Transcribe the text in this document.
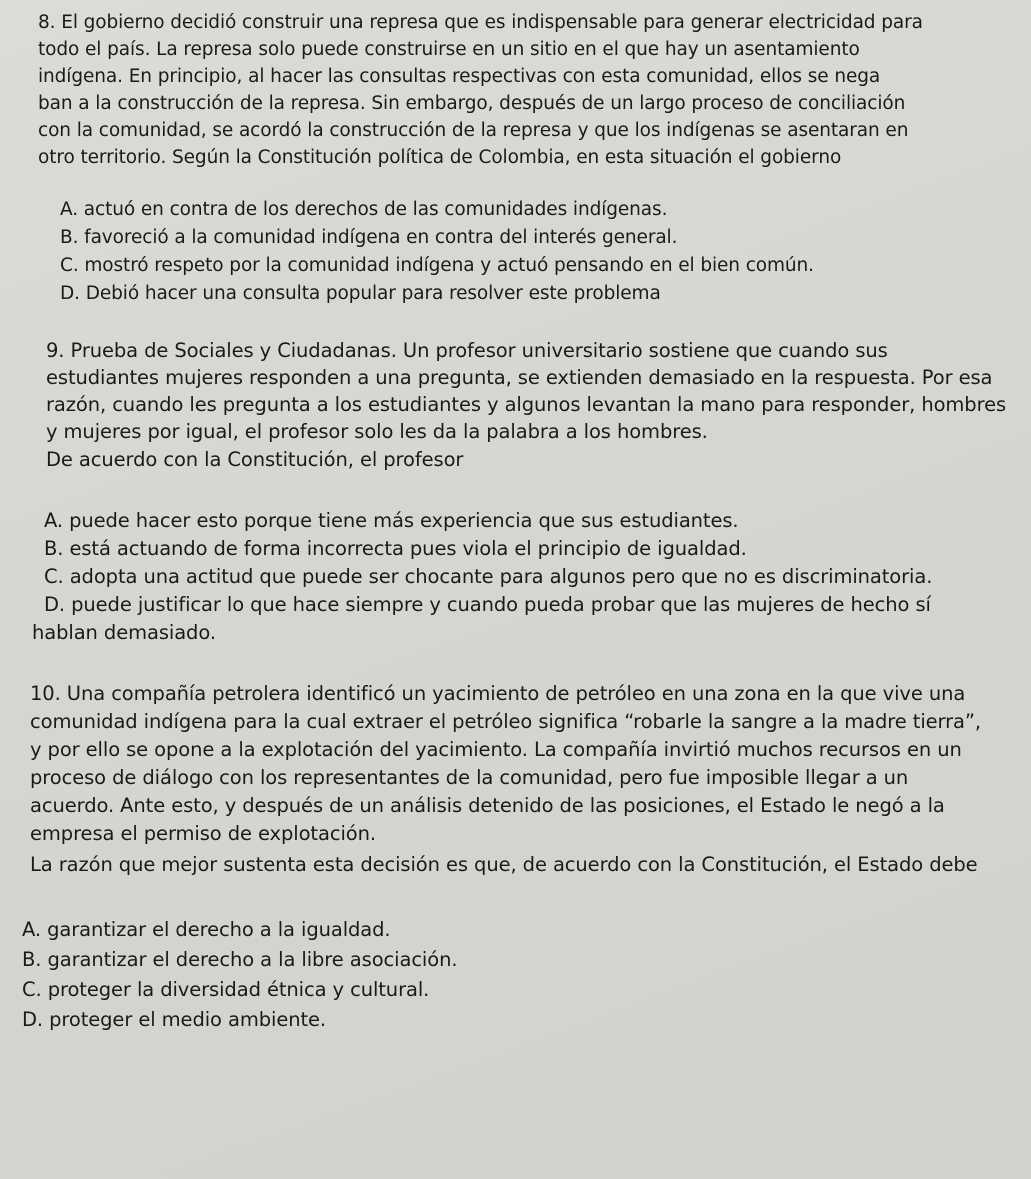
8. El gobierno decidió construir una represa que es indispensable para generar electricidad para
todo el país. La represa solo puede construirse en un sitio en el que hay un asentamiento
indígena. En principio, al hacer las consultas respectivas con esta comunidad, ellos se nega
ban a la construcción de la represa. Sin embargo, después de un largo proceso de conciliación
con la comunidad, se acordó la construcción de la represa y que los indígenas se asentaran en
otro territorio. Según la Constitución política de Colombia, en esta situación el gobierno
A. actuó en contra de los derechos de las comunidades indígenas.
B. favoreció a la comunidad indígena en contra del interés general.
C. mostró respeto por la comunidad indígena y actuó pensando en el bien común.
D. Debió hacer una consulta popular para resolver este problema
9. Prueba de Sociales y Ciudadanas. Un profesor universitario sostiene que cuando sus
estudiantes mujeres responden a una pregunta, se extienden demasiado en la respuesta. Por esa
razón, cuando les pregunta a los estudiantes y algunos levantan la mano para responder, hombres
y mujeres por igual, el profesor solo les da la palabra a los hombres.
De acuerdo con la Constitución, el profesor
A. puede hacer esto porque tiene más experiencia que sus estudiantes.
B. está actuando de forma incorrecta pues viola el principio de igualdad.
C. adopta una actitud que puede ser chocante para algunos pero que no es discriminatoria.
D. puede justificar lo que hace siempre y cuando pueda probar que las mujeres de hecho sí
hablan demasiado.
10. Una compañía petrolera identificó un yacimiento de petróleo en una zona en la que vive una
comunidad indígena para la cual extraer el petróleo significa “robarle la sangre a la madre tierra”,
y por ello se opone a la explotación del yacimiento. La compañía invirtió muchos recursos en un
proceso de diálogo con los representantes de la comunidad, pero fue imposible llegar a un
acuerdo. Ante esto, y después de un análisis detenido de las posiciones, el Estado le negó a la
empresa el permiso de explotación.
La razón que mejor sustenta esta decisión es que, de acuerdo con la Constitución, el Estado debe
A. garantizar el derecho a la igualdad.
B. garantizar el derecho a la libre asociación.
C. proteger la diversidad étnica y cultural.
D. proteger el medio ambiente.
